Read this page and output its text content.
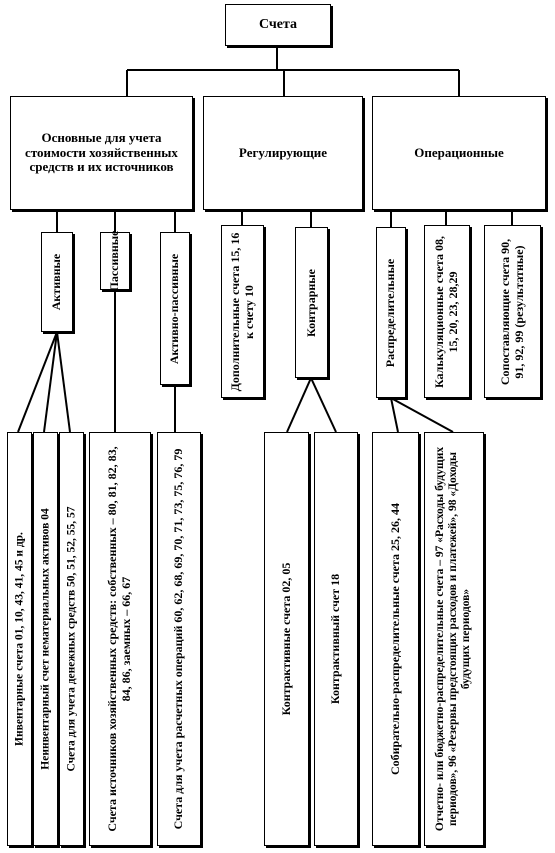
Счета
Основные для учета стоимости хозяйственных средств и их источников
Регулирующие	Операционные
Активные	Пассивные	Активно-пассивные	Дополнительные счета 15, 16 к счету 10	Контрарные	Распределительные	Калькуляционные счета 08, 15, 20, 23, 28,29	Сопоставляющие счета 90, 91, 92, 99 (результатные)
Инвентарные счета 01, 10, 43, 41, 45 и др. Неинвентарный счет нематериальных активов 04 Счета для учета денежных средств 50, 51, 52, 55, 57 Счета источников хозяйственных средств: собственных – 80, 81, 82, 83, 84, 86, заемных – 66, 67	Счета для учета расчетных операций 60, 62, 68, 69, 70, 71, 73, 75, 76, 79	Контрактивные счета 02, 05	Контрактивный счет 18	Собирательно-распределительные счета 25, 26, 44	Отчетно- или бюджетно-распределительные счета – 97 «Расходы будущих периодов», 96 «Резервы предстоящих расходов и платежей», 98 «Доходы будущих периодов»
